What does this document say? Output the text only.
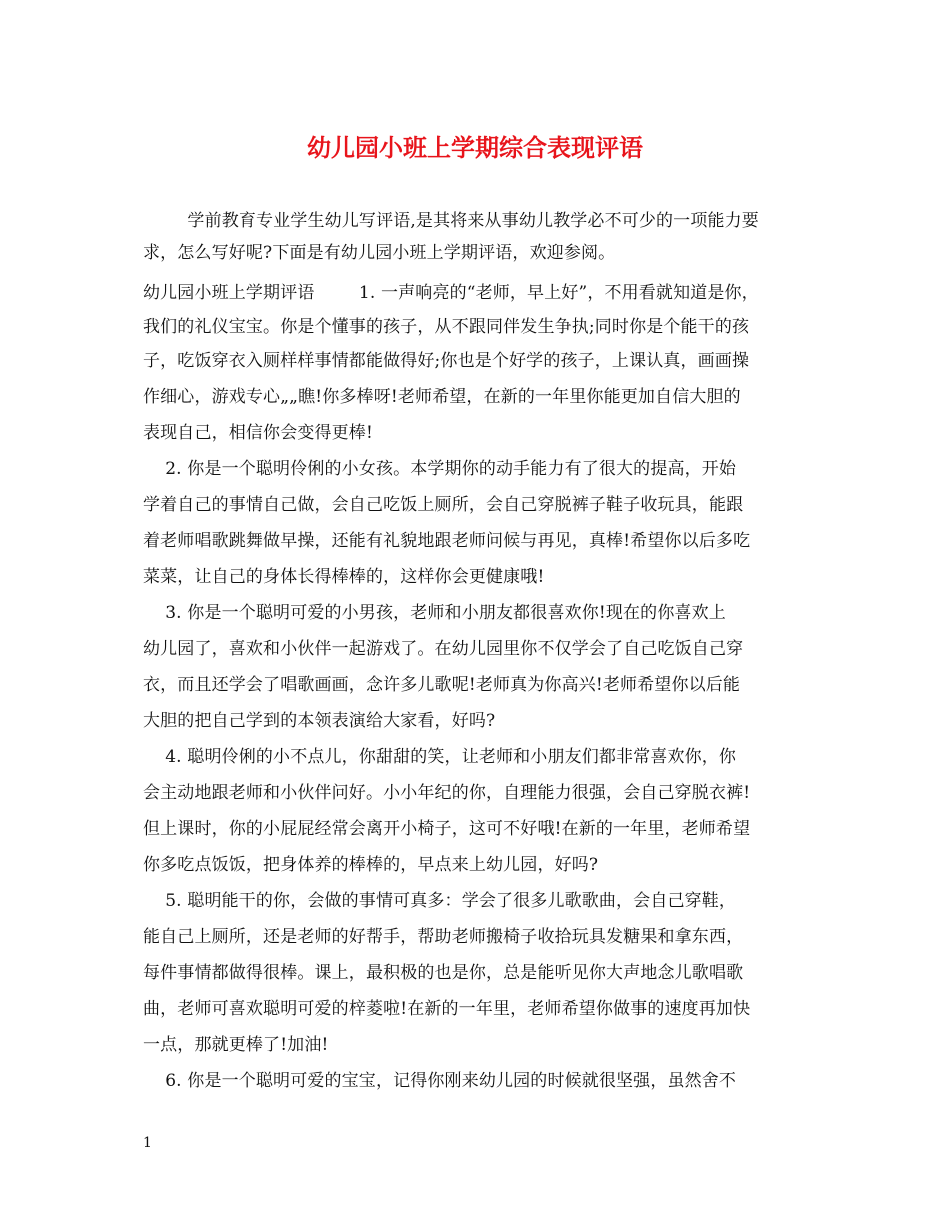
幼儿园小班上学期综合表现评语
学前教育专业学生幼儿写评语,是其将来从事幼儿教学必不可少的一项能力要
求，怎么写好呢?下面是有幼儿园小班上学期评语，欢迎参阅。
幼儿园小班上学期评语        1. 一声响亮的“老师，早上好”，不用看就知道是你，
我们的礼仪宝宝。你是个懂事的孩子，从不跟同伴发生争执;同时你是个能干的孩
子，吃饭穿衣入厕样样事情都能做得好;你也是个好学的孩子，上课认真，画画操
作细心，游戏专心„„瞧!你多棒呀!老师希望，在新的一年里你能更加自信大胆的
表现自己，相信你会变得更棒!
2. 你是一个聪明伶俐的小女孩。本学期你的动手能力有了很大的提高，开始
学着自己的事情自己做，会自己吃饭上厕所，会自己穿脱裤子鞋子收玩具，能跟
着老师唱歌跳舞做早操，还能有礼貌地跟老师问候与再见，真棒!希望你以后多吃
菜菜，让自己的身体长得棒棒的，这样你会更健康哦!
3. 你是一个聪明可爱的小男孩，老师和小朋友都很喜欢你!现在的你喜欢上
幼儿园了，喜欢和小伙伴一起游戏了。在幼儿园里你不仅学会了自己吃饭自己穿
衣，而且还学会了唱歌画画，念许多儿歌呢!老师真为你高兴!老师希望你以后能
大胆的把自己学到的本领表演给大家看，好吗?
4. 聪明伶俐的小不点儿，你甜甜的笑，让老师和小朋友们都非常喜欢你，你
会主动地跟老师和小伙伴问好。小小年纪的你，自理能力很强，会自己穿脱衣裤!
但上课时，你的小屁屁经常会离开小椅子，这可不好哦!在新的一年里，老师希望
你多吃点饭饭，把身体养的棒棒的，早点来上幼儿园，好吗?
5. 聪明能干的你，会做的事情可真多：学会了很多儿歌歌曲，会自己穿鞋，
能自己上厕所，还是老师的好帮手，帮助老师搬椅子收拾玩具发糖果和拿东西，
每件事情都做得很棒。课上，最积极的也是你，总是能听见你大声地念儿歌唱歌
曲，老师可喜欢聪明可爱的梓菱啦!在新的一年里，老师希望你做事的速度再加快
一点，那就更棒了!加油!
6. 你是一个聪明可爱的宝宝，记得你刚来幼儿园的时候就很坚强，虽然舍不

1
